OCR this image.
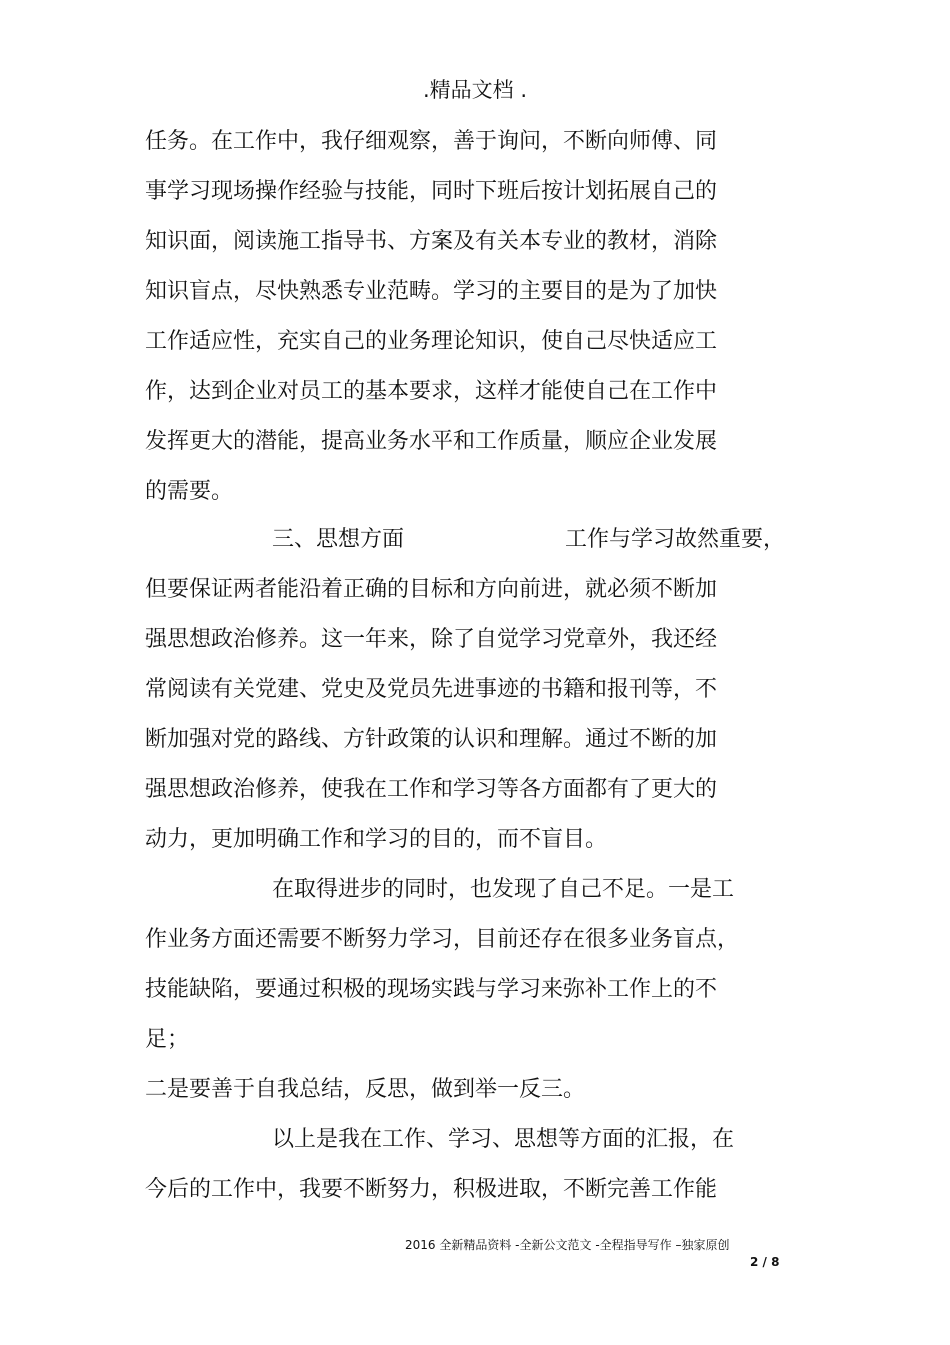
.精品文档 .
任务。在工作中，我仔细观察，善于询问，不断向师傅、同
事学习现场操作经验与技能，同时下班后按计划拓展自己的
知识面，阅读施工指导书、方案及有关本专业的教材，消除
知识盲点，尽快熟悉专业范畴。学习的主要目的是为了加快
工作适应性，充实自己的业务理论知识，使自己尽快适应工
作，达到企业对员工的基本要求，这样才能使自己在工作中
发挥更大的潜能，提高业务水平和工作质量，顺应企业发展
的需要。
三、思想方面	工作与学习故然重要，
但要保证两者能沿着正确的目标和方向前进，就必须不断加
强思想政治修养。这一年来，除了自觉学习党章外，我还经
常阅读有关党建、党史及党员先进事迹的书籍和报刊等，不
断加强对党的路线、方针政策的认识和理解。通过不断的加
强思想政治修养，使我在工作和学习等各方面都有了更大的
动力，更加明确工作和学习的目的，而不盲目。
在取得进步的同时，也发现了自己不足。一是工
作业务方面还需要不断努力学习，目前还存在很多业务盲点，
技能缺陷，要通过积极的现场实践与学习来弥补工作上的不
足；
二是要善于自我总结，反思，做到举一反三。
以上是我在工作、学习、思想等方面的汇报，在
今后的工作中，我要不断努力，积极进取，不断完善工作能
2016 全新精品资料 -全新公文范文 -全程指导写作 –独家原创
2 / 8
